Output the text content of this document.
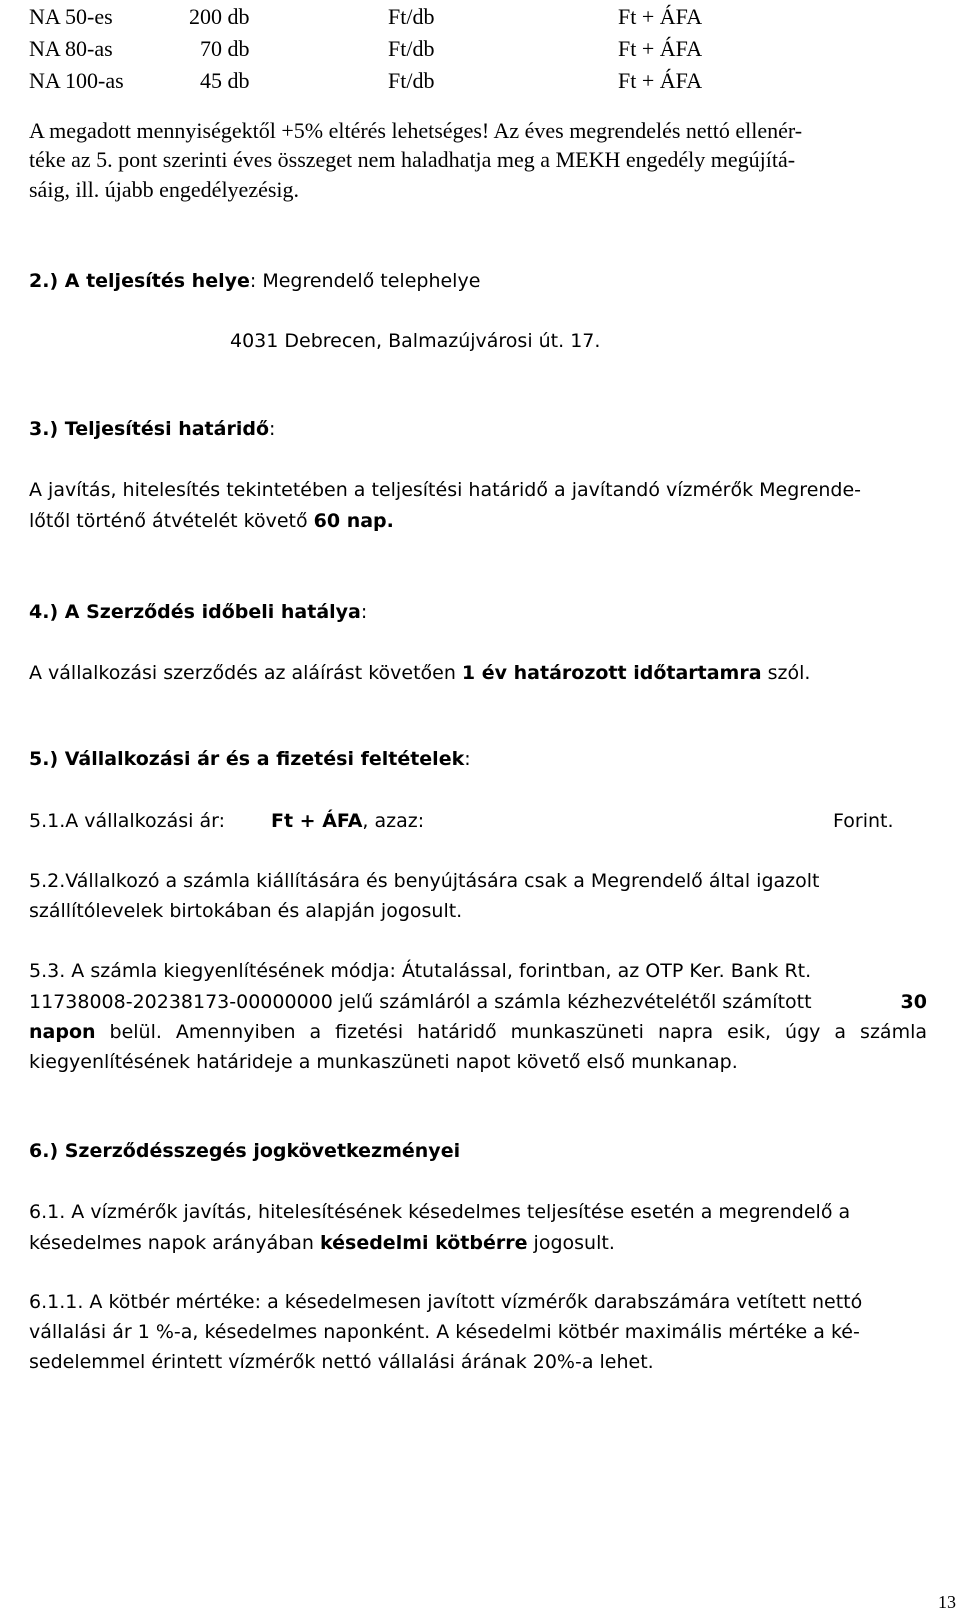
NA 50-es	200 db	Ft/db	Ft + ÁFA
NA 80-as	70 db	Ft/db	Ft + ÁFA
NA 100-as	45 db	Ft/db	Ft + ÁFA
A megadott mennyiségektől +5% eltérés lehetséges! Az éves megrendelés nettó ellenér-
téke az 5. pont szerinti éves összeget nem haladhatja meg a MEKH engedély megújítá-
sáig, ill. újabb engedélyezésig.
2.) A teljesítés helye: Megrendelő telephelye
4031 Debrecen, Balmazújvárosi út. 17.
3.) Teljesítési határidő:
A javítás, hitelesítés tekintetében a teljesítési határidő a javítandó vízmérők Megrende-
lőtől történő átvételét követő 60 nap.
4.) A Szerződés időbeli hatálya:
A vállalkozási szerződés az aláírást követően 1 év határozott időtartamra szól.
5.) Vállalkozási ár és a fizetési feltételek:
5.1.A vállalkozási ár: Ft + ÁFA, azaz:	Forint.
5.2.Vállalkozó a számla kiállítására és benyújtására csak a Megrendelő által igazolt
szállítólevelek birtokában és alapján jogosult.
5.3. A számla kiegyenlítésének módja: Átutalással, forintban, az OTP Ker. Bank Rt.
11738008-20238173-00000000 jelű számláról a számla kézhezvételétől számított	30
napon belül. Amennyiben a fizetési határidő munkaszüneti napra esik, úgy a számla
kiegyenlítésének határideje a munkaszüneti napot követő első munkanap.
6.) Szerződésszegés jogkövetkezményei
6.1. A vízmérők javítás, hitelesítésének késedelmes teljesítése esetén a megrendelő a
késedelmes napok arányában késedelmi kötbérre jogosult.
6.1.1. A kötbér mértéke: a késedelmesen javított vízmérők darabszámára vetített nettó
vállalási ár 1 %-a, késedelmes naponként. A késedelmi kötbér maximális mértéke a ké-
sedelemmel érintett vízmérők nettó vállalási árának 20%-a lehet.
13
